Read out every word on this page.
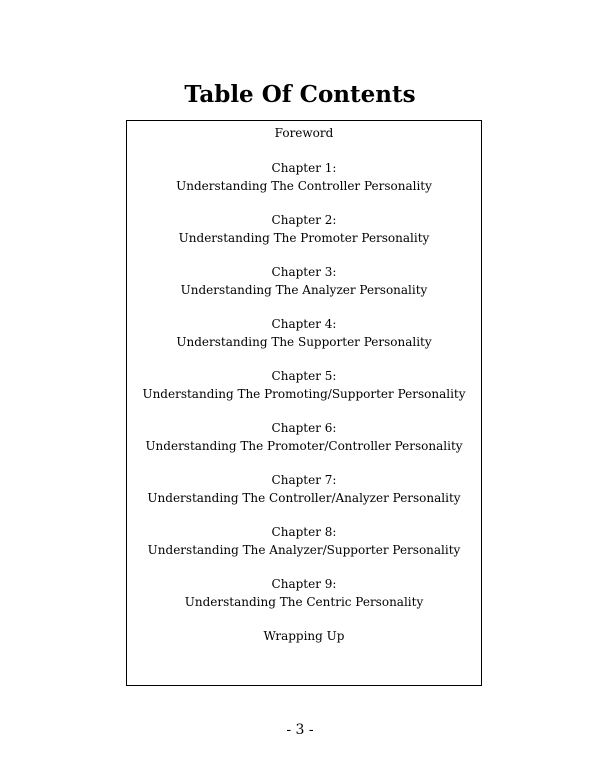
Table Of Contents
Foreword
Chapter 1:
Understanding The Controller Personality
Chapter 2:
Understanding The Promoter Personality
Chapter 3:
Understanding The Analyzer Personality
Chapter 4:
Understanding The Supporter Personality
Chapter 5:
Understanding The Promoting/Supporter Personality
Chapter 6:
Understanding The Promoter/Controller Personality
Chapter 7:
Understanding The Controller/Analyzer Personality
Chapter 8:
Understanding The Analyzer/Supporter Personality
Chapter 9:
Understanding The Centric Personality
Wrapping Up
- 3 -
